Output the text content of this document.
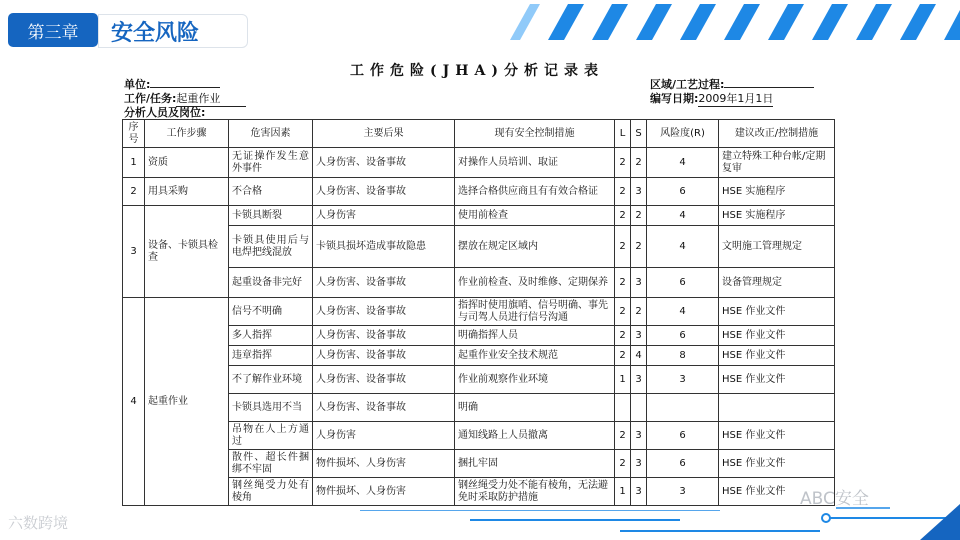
第三章	安全风险
工作危险(JHA)分析记录表
单位:
工作/任务:起重作业
分析人员及岗位:
区域/工艺过程:
编写日期:2009年1月1日
序号	工作步骤	危害因素	主要后果	现有安全控制措施	L	S	风险度(R)	建议改正/控制措施
1	资质	无证操作发生意外事件	人身伤害、设备事故	对操作人员培训、取证	2	2	4	建立特殊工种台帐/定期复审
2	用具采购	不合格	人身伤害、设备事故	选择合格供应商且有有效合格证	2	3	6	HSE 实施程序
3	设备、卡锁具检查	卡锁具断裂	人身伤害	使用前检查	2	2	4	HSE 实施程序
		卡锁具使用后与电焊把线混放	卡锁具损坏造成事故隐患	摆放在规定区域内	2	2	4	文明施工管理规定
		起重设备非完好	人身伤害、设备事故	作业前检查、及时维修、定期保养	2	3	6	设备管理规定
4	起重作业	信号不明确	人身伤害、设备事故	指挥时使用旗哨、信号明确、事先与司驾人员进行信号沟通	2	2	4	HSE 作业文件
		多人指挥	人身伤害、设备事故	明确指挥人员	2	3	6	HSE 作业文件
		违章指挥	人身伤害、设备事故	起重作业安全技术规范	2	4	8	HSE 作业文件
		不了解作业环境	人身伤害、设备事故	作业前观察作业环境	1	3	3	HSE 作业文件
		卡锁具选用不当	人身伤害、设备事故	明确				
		吊物在人上方通过	人身伤害	通知线路上人员撤离	2	3	6	HSE 作业文件
		散件、超长件捆绑不牢固	物件损坏、人身伤害	捆扎牢固	2	3	6	HSE 作业文件
		钢丝绳受力处有棱角	物件损坏、人身伤害	钢丝绳受力处不能有棱角，无法避免时采取防护措施	1	3	3	HSE 作业文件
六数跨境
ABC安全
